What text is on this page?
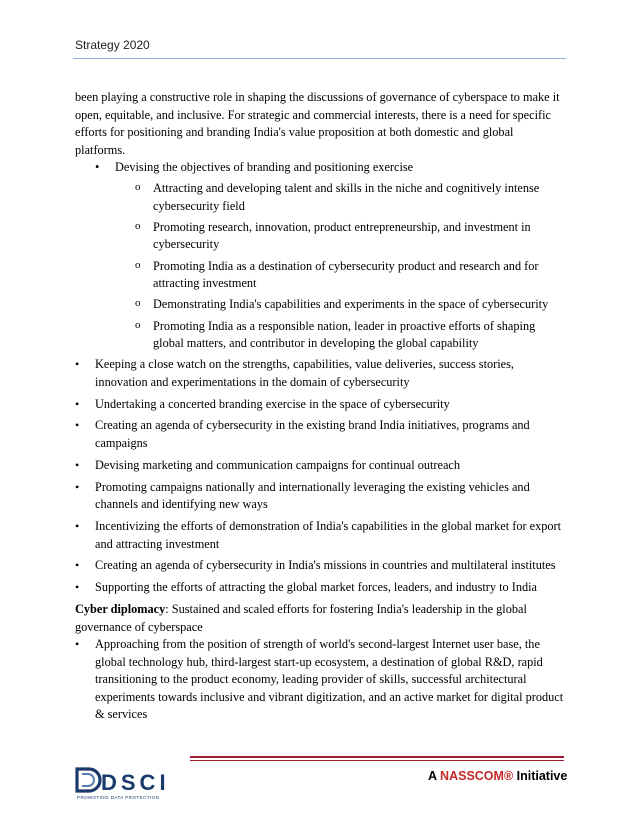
Strategy 2020

been playing a constructive role in shaping the discussions of governance of cyberspace to make it open, equitable, and inclusive. For strategic and commercial interests, there is a need for specific efforts for positioning and branding India's value proposition at both domestic and global platforms.

• Devising the objectives of branding and positioning exercise
o Attracting and developing talent and skills in the niche and cognitively intense cybersecurity field
o Promoting research, innovation, product entrepreneurship, and investment in cybersecurity
o Promoting India as a destination of cybersecurity product and research and for attracting investment
o Demonstrating India's capabilities and experiments in the space of cybersecurity
o Promoting India as a responsible nation, leader in proactive efforts of shaping global matters, and contributor in developing the global capability
• Keeping a close watch on the strengths, capabilities, value deliveries, success stories, innovation and experimentations in the domain of cybersecurity
• Undertaking a concerted branding exercise in the space of cybersecurity
• Creating an agenda of cybersecurity in the existing brand India initiatives, programs and campaigns
• Devising marketing and communication campaigns for continual outreach
• Promoting campaigns nationally and internationally leveraging the existing vehicles and channels and identifying new ways
• Incentivizing the efforts of demonstration of India's capabilities in the global market for export and attracting investment
• Creating an agenda of cybersecurity in India's missions in countries and multilateral institutes
• Supporting the efforts of attracting the global market forces, leaders, and industry to India

Cyber diplomacy: Sustained and scaled efforts for fostering India's leadership in the global governance of cyberspace

• Approaching from the position of strength of world's second-largest Internet user base, the global technology hub, third-largest start-up ecosystem, a destination of global R&D, rapid transitioning to the product economy, leading provider of skills, successful architectural experiments towards inclusive and vibrant digitization, and an active market for digital product & services
DSCI
PROMOTING DATA PROTECTION
A NASSCOM® Initiative
